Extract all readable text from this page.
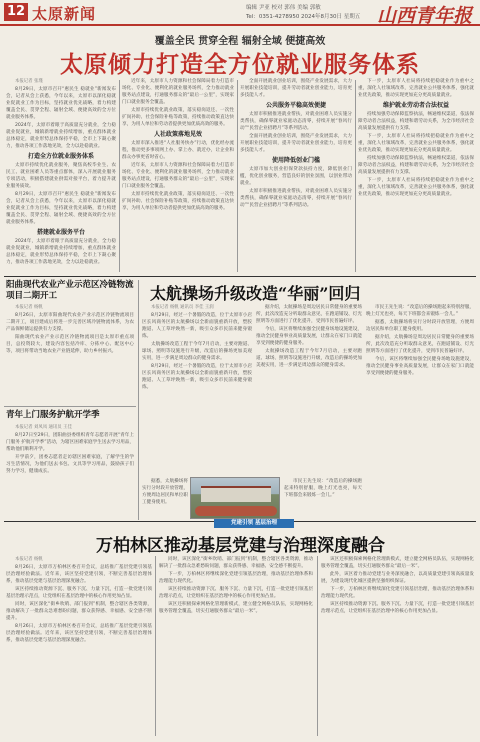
12 太原新闻	编辑 尹亚 校对 郭伟 美编 郭敏
Tel：0351-4278950 2024年8月30日 星期五 山西青年报
覆盖全民 贯穿全程 辐射全域 便捷高效
太原倾力打造全方位就业服务体系

本报记者 张瑾

8月29日，太原市召开“惠民生 稳就业”新闻发布会，记者从会上获悉，今年以来，太原市以深化稳就业促就业工作为目标，坚持就业优先战略，着力构建覆盖全民、贯穿全程、辐射全域、便捷高效的全方位就业服务体系。

2024年，太原市着眼于高质量充分就业，全力稳就业促就业，城镇新增就业持续增加，重点群体就业总体稳定，就业形势总体保持平稳，全市上下凝心聚力，推动各项工作落地见效，全力以赴稳就业。

打造全方位就业服务体系

太原市持续优化就业服务，聚焦高校毕业生、农民工、就业困难人员等重点群体，深入开展就业服务专项活动，积极搭建就业供需对接平台，着力提升就业服务质效。

8月29日，太原市召开“惠民生 稳就业”新闻发布会，记者从会上获悉，今年以来，太原市以深化稳就业促就业工作为目标，坚持就业优先战略，着力构建覆盖全民、贯穿全程、辐射全域、便捷高效的全方位就业服务体系。

搭建就业服务平台

2024年，太原市着眼于高质量充分就业，全力稳就业促就业，城镇新增就业持续增加，重点群体就业总体稳定，就业形势总体保持平稳，全市上下凝心聚力，推动各项工作落地见效，全力以赴稳就业。

近年来，太原市人力资源和社会保障局着力打造市场化、专业化、便利化的就业服务场所，全力推动就业服务站点建设，打通服务群众的“最后一公里”，实现家门口就业服务全覆盖。

太原市持续优化就业政策，落实稳岗返还、一次性扩岗补助、社会保险补贴等政策，持续推动政策直达快享，为用人单位和劳动者提供更加优质高效的服务。

人社政策落地见效

太原市深入推进“人社服务快办”行动，优化经办流程，推动更多事项网上办、掌上办、就近办，让企业和群众办事更省时省心。

近年来，太原市人力资源和社会保障局着力打造市场化、专业化、便利化的就业服务场所，全力推动就业服务站点建设，打通服务群众的“最后一公里”，实现家门口就业服务全覆盖。

太原市持续优化就业政策，落实稳岗返还、一次性扩岗补助、社会保险补贴等政策，持续推动政策直达快享，为用人单位和劳动者提供更加优质高效的服务。

全面开展就业创业培训，围绕产业发展需求，大力开展职业技能培训，提升劳动者就业创业能力，培育更多技能人才。

公共服务平稳高效便捷

太原市积极推进就业帮扶，对就业困难人员实施分类帮扶，确保零就业家庭动态清零，持续开展“春风行动”“民营企业招聘月”等系列活动。

全面开展就业创业培训，围绕产业发展需求，大力开展职业技能培训，提升劳动者就业创业能力，培育更多技能人才。

使用降低创业门槛

太原市加大创业担保贷款扶持力度，降低创业门槛，优化创业服务，营造良好的创业氛围，以创业带动就业。

太原市积极推进就业帮扶，对就业困难人员实施分类帮扶，确保零就业家庭动态清零，持续开展“春风行动”“民营企业招聘月”等系列活动。

下一步，太原市人社局将持续把稳就业作为重中之重，深化人社领域改革，完善就业公共服务体系，强化就业优先政策，推动实现更加充分更高质量就业。

维护就业劳动者合法权益

持续加强劳动保障监察执法，畅通维权渠道，依法保障劳动者合法权益，构建和谐劳动关系，为全市经济社会高质量发展提供有力支撑。

下一步，太原市人社局将持续把稳就业作为重中之重，深化人社领域改革，完善就业公共服务体系，强化就业优先政策，推动实现更加充分更高质量就业。

持续加强劳动保障监察执法，畅通维权渠道，依法保障劳动者合法权益，构建和谐劳动关系，为全市经济社会高质量发展提供有力支撑。

下一步，太原市人社局将持续把稳就业作为重中之重，深化人社领域改革，完善就业公共服务体系，强化就业优先政策，推动实现更加充分更高质量就业。

阳曲现代农业产业示范区冷链物流项目二期开工

本报记者 杨帆

8月26日，太原市阳曲现代农业产业示范区冷链物流项目二期开工，项目建成后将进一步完善区域冷链物流体系，为农产品保鲜储运提供有力支撑。

阳曲现代农业产业示范区冷链物流项目是太原市重点项目，总投资较大，建设内容包括冷库、分拣中心、配送中心等，项目将带动当地农业产业链延伸，助力乡村振兴。

青年上门服务护航开学季

本报记者 刘凤凤 通讯员 王佳

8月27日至29日，团阳曲县委组织青年志愿者开展“青年上门服务 护航开学季”活动，为辖区困难家庭学生送去学习用品，帮助他们顺利开学。

开学前夕，团委志愿者走访辖区困难家庭，了解学生的学习生活情况，为他们送去书包、文具等学习用品，鼓励孩子们努力学习，健康成长。

太航操场升级改造“华丽”回归

本报记者 杨帆 通讯员 李佳 王润

8月29日，经过一个暑假的改造，位于太原市小店区长风商务区的太航操场以全新面貌重新开放，塑胶跑道、人工草坪焕然一新，吸引众多市民前来健身锻炼。

太航操场改造工程于今年7月启动，主要对跑道、球场、照明等设施进行升级，改造后的操场更加美观实用，进一步满足周边群众的健身需求。

8月29日，经过一个暑假的改造，位于太原市小店区长风商务区的太航操场以全新面貌重新开放，塑胶跑道、人工草坪焕然一新，吸引众多市民前来健身锻炼。

据介绍，太航操场是周边居民日常健身的重要场所，此次改造充分听取群众意见，在跑道铺设、灯光照明等方面进行了优化提升，受到市民普遍好评。

今后，该区将继续加强全民健身场地设施建设，推动全民健身事业高质量发展，让群众在家门口就能享受到便捷的健身服务。

太航操场改造工程于今年7月启动，主要对跑道、球场、照明等设施进行升级，改造后的操场更加美观实用，进一步满足周边群众的健身需求。

市民王先生说：“改造后的操场跑起来特别舒服，晚上灯光也亮，每天下班都会来锻炼一会儿。”

据悉，太航操场将实行分时段开放管理，方便周边居民和单位职工健身使用。

据介绍，太航操场是周边居民日常健身的重要场所，此次改造充分听取群众意见，在跑道铺设、灯光照明等方面进行了优化提升，受到市民普遍好评。

今后，该区将继续加强全民健身场地设施建设，推动全民健身事业高质量发展，让群众在家门口就能享受到便捷的健身服务。

据悉，太航操场将实行分时段开放管理，方便周边居民和单位职工健身使用。

市民王先生说：“改造后的操场跑起来特别舒服，晚上灯光也亮，每天下班都会来锻炼一会儿。”

党建引领 基层治理
万柏林区推动基层党建与治理深度融合

本报记者 杨帆

8月26日，太原市万柏林区委召开会议，总结推广基层党建引领基层治理经验做法。近年来，该区坚持党建引领，不断完善基层治理体系，推动基层党建与基层治理深度融合。

该区持续推动资源下沉、服务下沉、力量下沉，打造一批党建引领基层治理示范点，让党组织在基层治理中的核心作用更加凸显。

同时，该区深化“街乡吹哨、部门报到”机制，整合辖区各类资源，推动解决了一批群众急难愁盼问题，群众获得感、幸福感、安全感不断提升。

8月26日，太原市万柏林区委召开会议，总结推广基层党建引领基层治理经验做法。近年来，该区坚持党建引领，不断完善基层治理体系，推动基层党建与基层治理深度融合。

同时，该区深化“街乡吹哨、部门报到”机制，整合辖区各类资源，推动解决了一批群众急难愁盼问题，群众获得感、幸福感、安全感不断提升。

下一步，万柏林区将继续深化党建引领基层治理，推动基层治理体系和治理能力现代化。

该区持续推动资源下沉、服务下沉、力量下沉，打造一批党建引领基层治理示范点，让党组织在基层治理中的核心作用更加凸显。

该区还积极探索网格化管理新模式，建立健全网格员队伍，实现网格化服务管理全覆盖，切实打通服务群众“最后一米”。

该区还积极探索网格化管理新模式，建立健全网格员队伍，实现网格化服务管理全覆盖，切实打通服务群众“最后一米”。

此外，该区着力推动党建与业务深度融合，以高质量党建引领高质量发展，为建设现代化城区提供坚强组织保证。

下一步，万柏林区将继续深化党建引领基层治理，推动基层治理体系和治理能力现代化。

该区持续推动资源下沉、服务下沉、力量下沉，打造一批党建引领基层治理示范点，让党组织在基层治理中的核心作用更加凸显。
